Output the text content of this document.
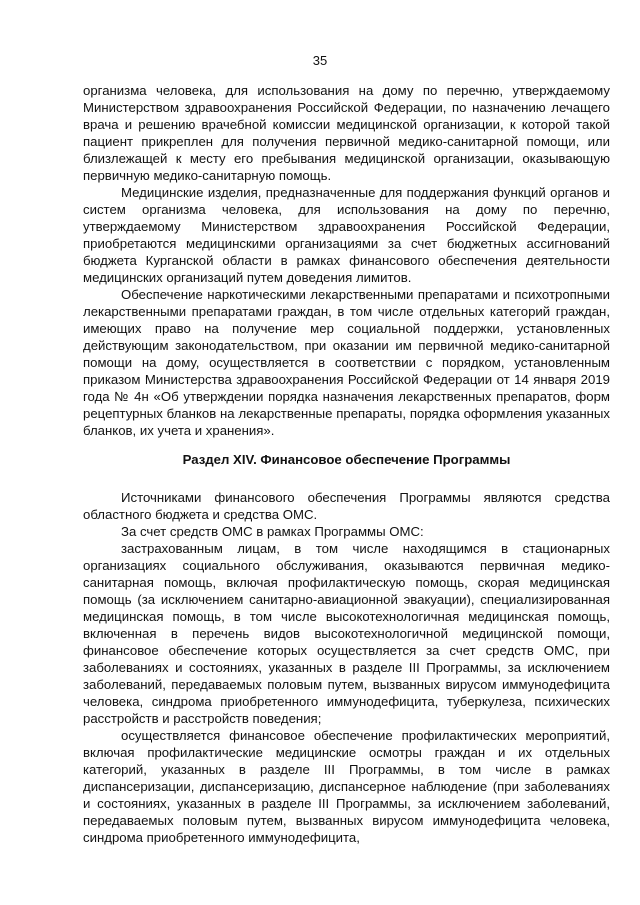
35

организма человека, для использования на дому по перечню, утверждаемому Министерством здравоохранения Российской Федерации, по назначению лечащего врача и решению врачебной комиссии медицинской организации, к которой такой пациент прикреплен для получения первичной медико-санитарной помощи, или близлежащей к месту его пребывания медицинской организации, оказывающую первичную медико-санитарную помощь.

Медицинские изделия, предназначенные для поддержания функций органов и систем организма человека, для использования на дому по перечню, утверждаемому Министерством здравоохранения Российской Федерации, приобретаются медицинскими организациями за счет бюджетных ассигнований бюджета Курганской области в рамках финансового обеспечения деятельности медицинских организаций путем доведения лимитов.

Обеспечение наркотическими лекарственными препаратами и психотропными лекарственными препаратами граждан, в том числе отдельных категорий граждан, имеющих право на получение мер социальной поддержки, установленных действующим законодательством, при оказании им первичной медико-санитарной помощи на дому, осуществляется в соответствии с порядком, установленным приказом Министерства здравоохранения Российской Федерации от 14 января 2019 года № 4н «Об утверждении порядка назначения лекарственных препаратов, форм рецептурных бланков на лекарственные препараты, порядка оформления указанных бланков, их учета и хранения».

Раздел XIV. Финансовое обеспечение Программы

Источниками финансового обеспечения Программы являются средства областного бюджета и средства ОМС.

За счет средств ОМС в рамках Программы ОМС:

застрахованным лицам, в том числе находящимся в стационарных организациях социального обслуживания, оказываются первичная медико-санитарная помощь, включая профилактическую помощь, скорая медицинская помощь (за исключением санитарно-авиационной эвакуации), специализированная медицинская помощь, в том числе высокотехнологичная медицинская помощь, включенная в перечень видов высокотехнологичной медицинской помощи, финансовое обеспечение которых осуществляется за счет средств ОМС, при заболеваниях и состояниях, указанных в разделе III Программы, за исключением заболеваний, передаваемых половым путем, вызванных вирусом иммунодефицита человека, синдрома приобретенного иммунодефицита, туберкулеза, психических расстройств и расстройств поведения;

осуществляется финансовое обеспечение профилактических мероприятий, включая профилактические медицинские осмотры граждан и их отдельных категорий, указанных в разделе III Программы, в том числе в рамках диспансеризации, диспансеризацию, диспансерное наблюдение (при заболеваниях и состояниях, указанных в разделе III Программы, за исключением заболеваний, передаваемых половым путем, вызванных вирусом иммунодефицита человека, синдрома приобретенного иммунодефицита,
